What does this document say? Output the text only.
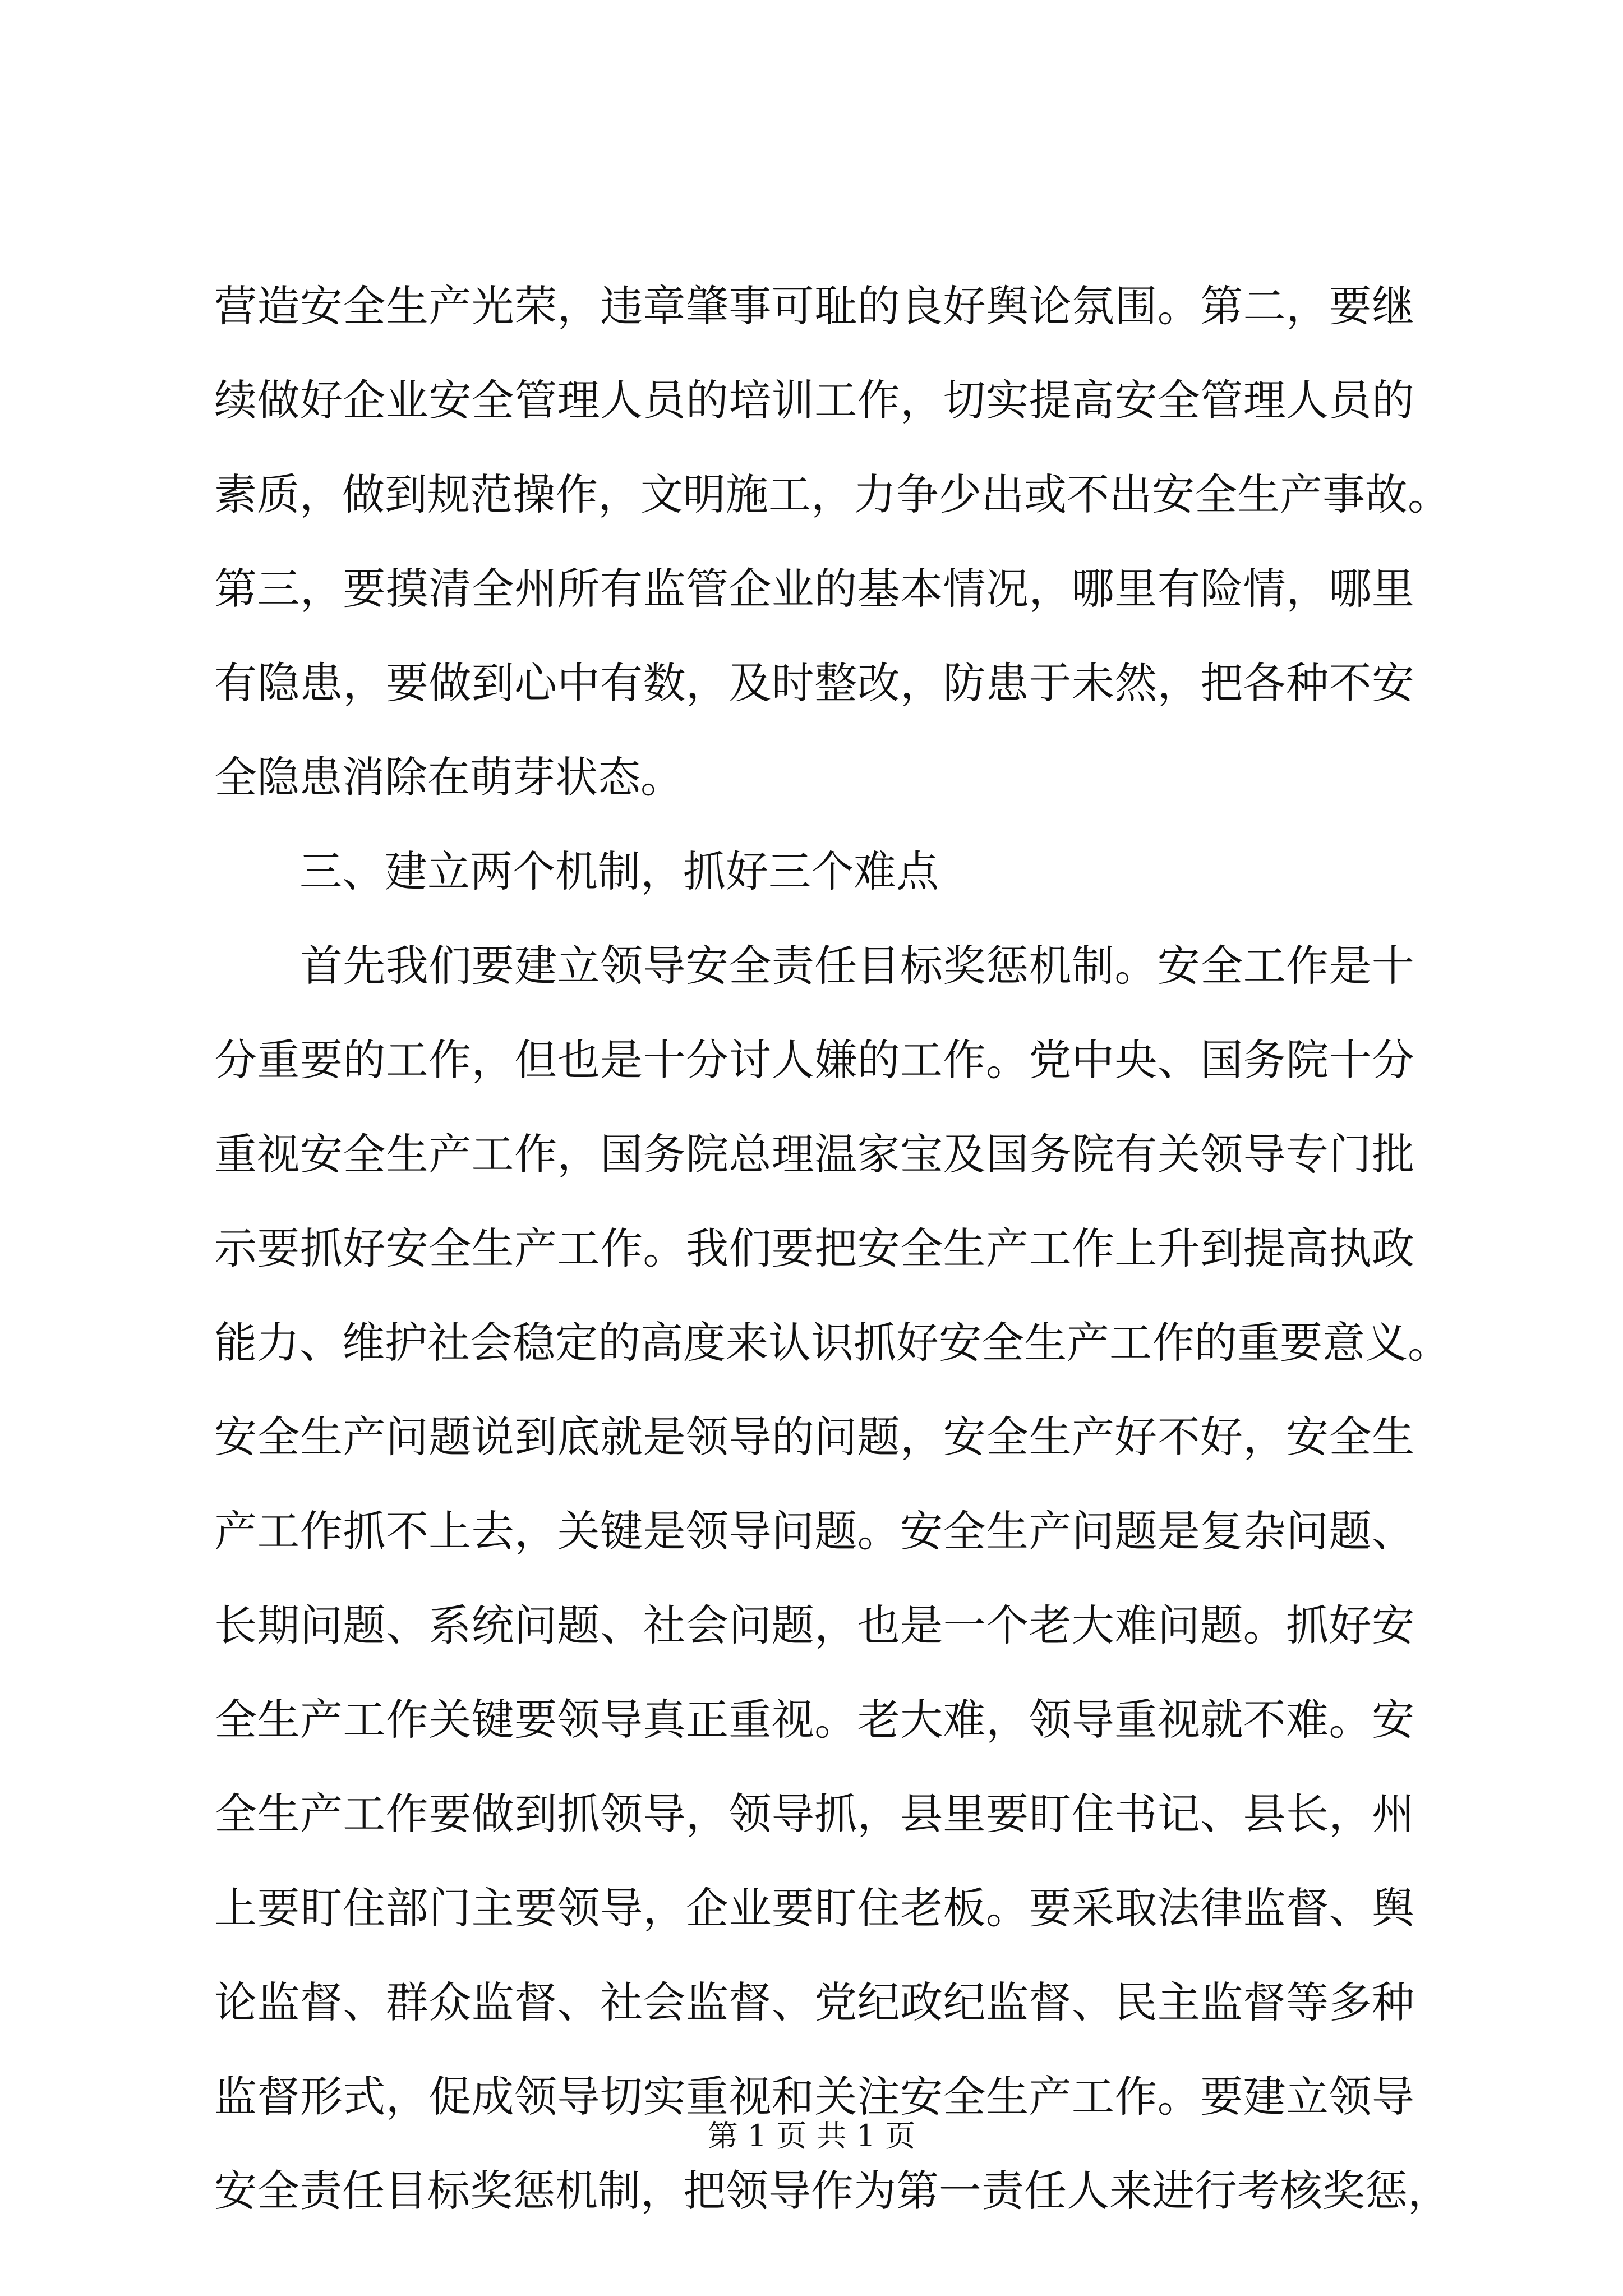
营造安全生产光荣，违章肇事可耻的良好舆论氛围。第二，要继

续做好企业安全管理人员的培训工作，切实提高安全管理人员的

素质，做到规范操作，文明施工，力争少出或不出安全生产事故。

第三，要摸清全州所有监管企业的基本情况，哪里有险情，哪里

有隐患，要做到心中有数，及时整改，防患于未然，把各种不安

全隐患消除在萌芽状态。

　　三、建立两个机制，抓好三个难点

　　首先我们要建立领导安全责任目标奖惩机制。安全工作是十

分重要的工作，但也是十分讨人嫌的工作。党中央、国务院十分

重视安全生产工作，国务院总理温家宝及国务院有关领导专门批

示要抓好安全生产工作。我们要把安全生产工作上升到提高执政

能力、维护社会稳定的高度来认识抓好安全生产工作的重要意义。

安全生产问题说到底就是领导的问题，安全生产好不好，安全生

产工作抓不上去，关键是领导问题。安全生产问题是复杂问题、

长期问题、系统问题、社会问题，也是一个老大难问题。抓好安

全生产工作关键要领导真正重视。老大难，领导重视就不难。安

全生产工作要做到抓领导，领导抓，县里要盯住书记、县长，州

上要盯住部门主要领导，企业要盯住老板。要采取法律监督、舆

论监督、群众监督、社会监督、党纪政纪监督、民主监督等多种

监督形式，促成领导切实重视和关注安全生产工作。要建立领导

安全责任目标奖惩机制，把领导作为第一责任人来进行考核奖惩，

第 1 页 共 1 页
